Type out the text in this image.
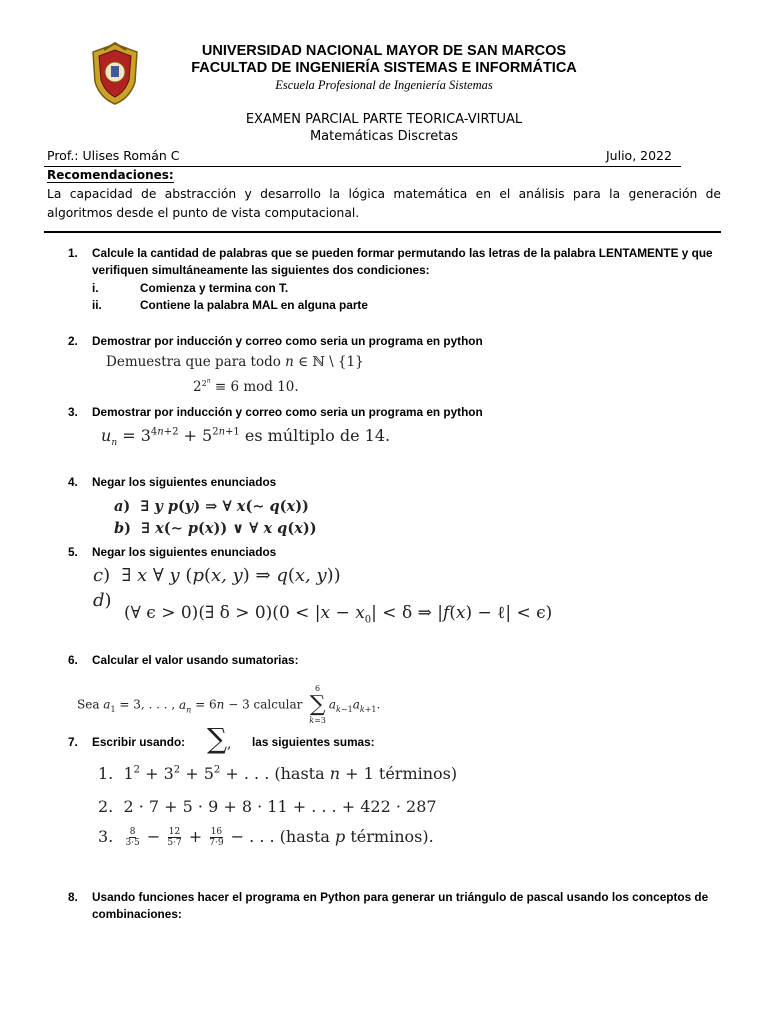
UNIVERSIDAD NACIONAL MAYOR DE SAN MARCOS
FACULTAD DE INGENIERÍA SISTEMAS E INFORMÁTICA
Escuela Profesional de Ingeniería Sistemas
EXAMEN PARCIAL PARTE TEORICA-VIRTUAL
Matemáticas Discretas
Prof.: Ulises Román C	Julio, 2022
Recomendaciones:
La capacidad de abstracción y desarrollo la lógica matemática en el análisis para la generación de algoritmos desde el punto de vista computacional.
1.	Calcule la cantidad de palabras que se pueden formar permutando las letras de la palabra LENTAMENTE y que verifiquen simultáneamente las siguientes dos condiciones:
i.	Comienza y termina con T.
ii.	Contiene la palabra MAL en alguna parte
2.	Demostrar por inducción y correo como seria un programa en python
Demuestra que para todo n ∈ ℕ \ {1}
$2^{2^n} \equiv 6$ mod 10.
3.	Demostrar por inducción y correo como seria un programa en python
$u_n = 3^{4n+2} + 5^{2n+1}$ es múltiplo de 14.
4.	Negar los siguientes enunciados
a)  ∃ y p(y) ⇒ ∀ x(∼ q(x))
b)  ∃ x(∼ p(x)) ∨ ∀ x q(x))
5.	Negar los siguientes enunciados
c)  ∃ x ∀ y (p(x, y) ⇒ q(x, y))
d)
(∀ ϵ > 0)(∃ $\delta > 0)(0 < |x - x_0| < \delta$ ⇒ |f(x) − ℓ| < ϵ)
6.	Calcular el valor usando sumatorias:
Sea $a_1 = 3$, . . . , $a_n = 6n - 3$ calcular
6
∑
k=3
$a_{k-1}a_{k+1}$.
7.	Escribir usando:	las siguientes sumas:
∑,
1.  $1^2 + 3^2 + 5^2$ + . . . (hasta n + 1 términos)
2.  2 · 7 + 5 · 9 + 8 · 11 + . . . + 422 · 287
3. $\frac{8}{3\cdot 5} - \frac{12}{5\cdot 7} + \frac{16}{7\cdot 9}$ − . . . (hasta p términos).
8.	Usando funciones hacer el programa en Python para generar un triángulo de pascal usando los conceptos de combinaciones:
